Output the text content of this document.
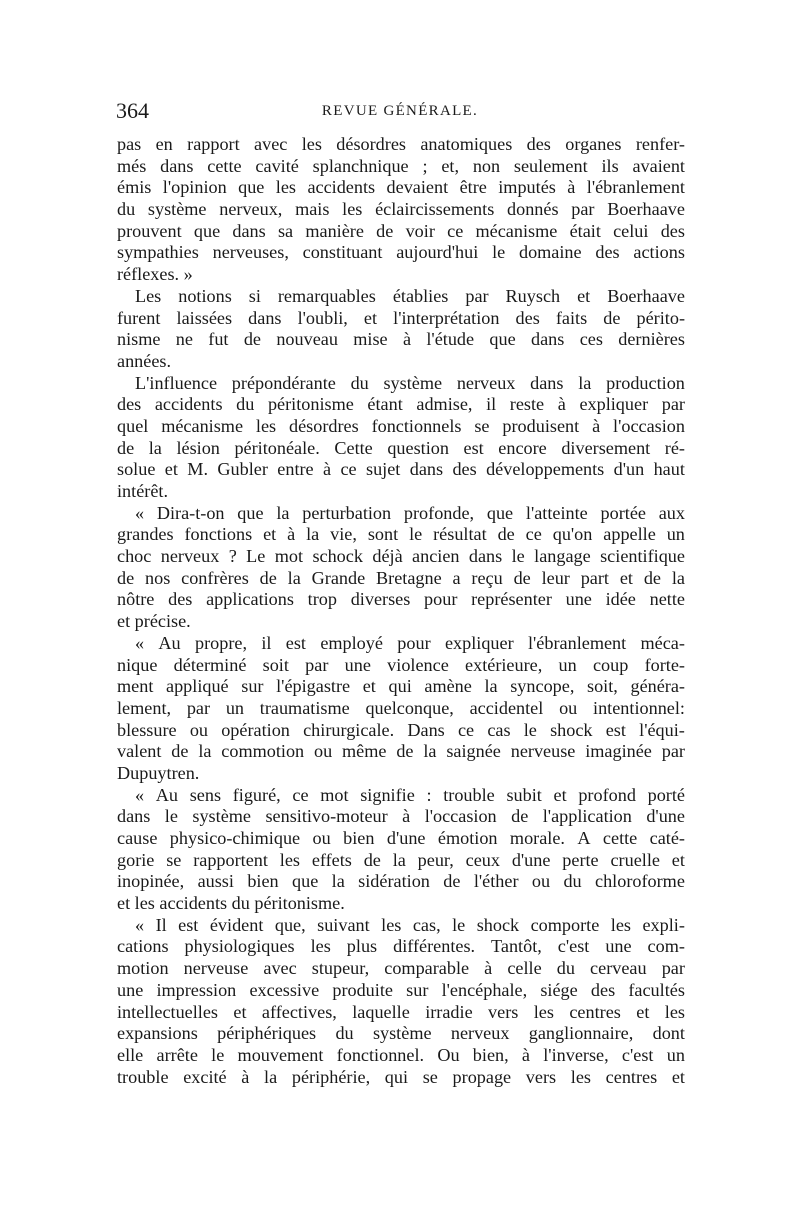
364	REVUE GÉNÉRALE.
pas en rapport avec les désordres anatomiques des organes renfer-
més dans cette cavité splanchnique ; et, non seulement ils avaient
émis l'opinion que les accidents devaient être imputés à l'ébranlement
du système nerveux, mais les éclaircissements donnés par Boerhaave
prouvent que dans sa manière de voir ce mécanisme était celui des
sympathies nerveuses, constituant aujourd'hui le domaine des actions
réflexes. »
Les notions si remarquables établies par Ruysch et Boerhaave
furent laissées dans l'oubli, et l'interprétation des faits de périto-
nisme ne fut de nouveau mise à l'étude que dans ces dernières
années.
L'influence prépondérante du système nerveux dans la production
des accidents du péritonisme étant admise, il reste à expliquer par
quel mécanisme les désordres fonctionnels se produisent à l'occasion
de la lésion péritonéale. Cette question est encore diversement ré-
solue et M. Gubler entre à ce sujet dans des développements d'un haut
intérêt.
« Dira-t-on que la perturbation profonde, que l'atteinte portée aux
grandes fonctions et à la vie, sont le résultat de ce qu'on appelle un
choc nerveux ? Le mot schock déjà ancien dans le langage scientifique
de nos confrères de la Grande Bretagne a reçu de leur part et de la
nôtre des applications trop diverses pour représenter une idée nette
et précise.
« Au propre, il est employé pour expliquer l'ébranlement méca-
nique déterminé soit par une violence extérieure, un coup forte-
ment appliqué sur l'épigastre et qui amène la syncope, soit, généra-
lement, par un traumatisme quelconque, accidentel ou intentionnel:
blessure ou opération chirurgicale. Dans ce cas le shock est l'équi-
valent de la commotion ou même de la saignée nerveuse imaginée par
Dupuytren.
« Au sens figuré, ce mot signifie : trouble subit et profond porté
dans le système sensitivo-moteur à l'occasion de l'application d'une
cause physico-chimique ou bien d'une émotion morale. A cette caté-
gorie se rapportent les effets de la peur, ceux d'une perte cruelle et
inopinée, aussi bien que la sidération de l'éther ou du chloroforme
et les accidents du péritonisme.
« Il est évident que, suivant les cas, le shock comporte les expli-
cations physiologiques les plus différentes. Tantôt, c'est une com-
motion nerveuse avec stupeur, comparable à celle du cerveau par
une impression excessive produite sur l'encéphale, siége des facultés
intellectuelles et affectives, laquelle irradie vers les centres et les
expansions périphériques du système nerveux ganglionnaire, dont
elle arrête le mouvement fonctionnel. Ou bien, à l'inverse, c'est un
trouble excité à la périphérie, qui se propage vers les centres et
